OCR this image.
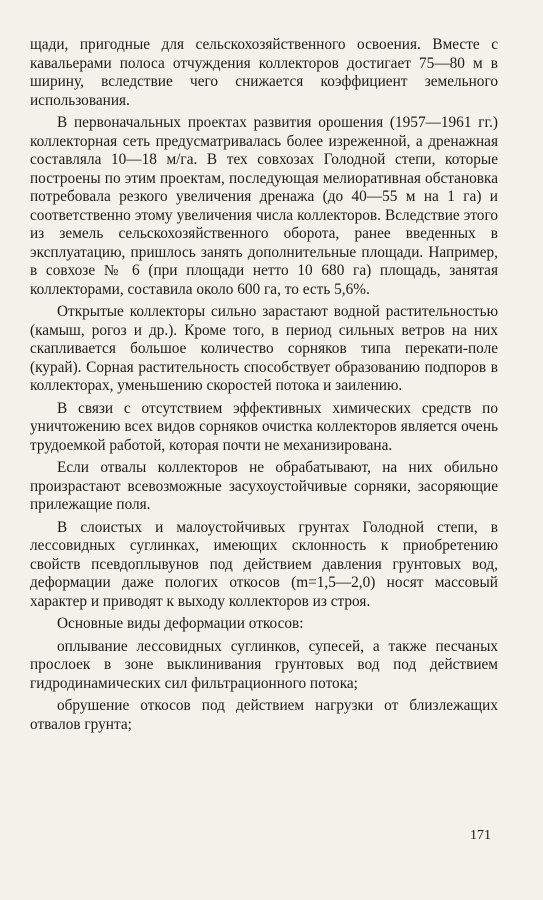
щади, пригодные для сельскохозяйственного освоения. Вместе с кавальерами полоса отчуждения коллекторов достигает 75—80 м в ширину, вследствие чего снижается коэффициент земельного использования.

В первоначальных проектах развития орошения (1957—1961 гг.) коллекторная сеть предусматривалась более изреженной, а дренажная составляла 10—18 м/га. В тех совхозах Голодной степи, которые построены по этим проектам, последующая мелиоративная обстановка потребовала резкого увеличения дренажа (до 40—55 м на 1 га) и соответственно этому увеличения числа коллекторов. Вследствие этого из земель сельскохозяйственного оборота, ранее введенных в эксплуатацию, пришлось занять дополнительные площади. Например, в совхозе № 6 (при площади нетто 10 680 га) площадь, занятая коллекторами, составила около 600 га, то есть 5,6%.

Открытые коллекторы сильно зарастают водной растительностью (камыш, рогоз и др.). Кроме того, в период сильных ветров на них скапливается большое количество сорняков типа перекати-поле (курай). Сорная растительность способствует образованию подпоров в коллекторах, уменьшению скоростей потока и заилению.

В связи с отсутствием эффективных химических средств по уничтожению всех видов сорняков очистка коллекторов является очень трудоемкой работой, которая почти не механизирована.

Если отвалы коллекторов не обрабатывают, на них обильно произрастают всевозможные засухоустойчивые сорняки, засоряющие прилежащие поля.

В слоистых и малоустойчивых грунтах Голодной степи, в лессовидных суглинках, имеющих склонность к приобретению свойств псевдоплывунов под действием давления грунтовых вод, деформации даже пологих откосов (m=1,5—2,0) носят массовый характер и приводят к выходу коллекторов из строя.

Основные виды деформации откосов:

оплывание лессовидных суглинков, супесей, а также песчаных прослоек в зоне выклинивания грунтовых вод под действием гидродинамических сил фильтрационного потока;

обрушение откосов под действием нагрузки от близлежащих отвалов грунта;

171
